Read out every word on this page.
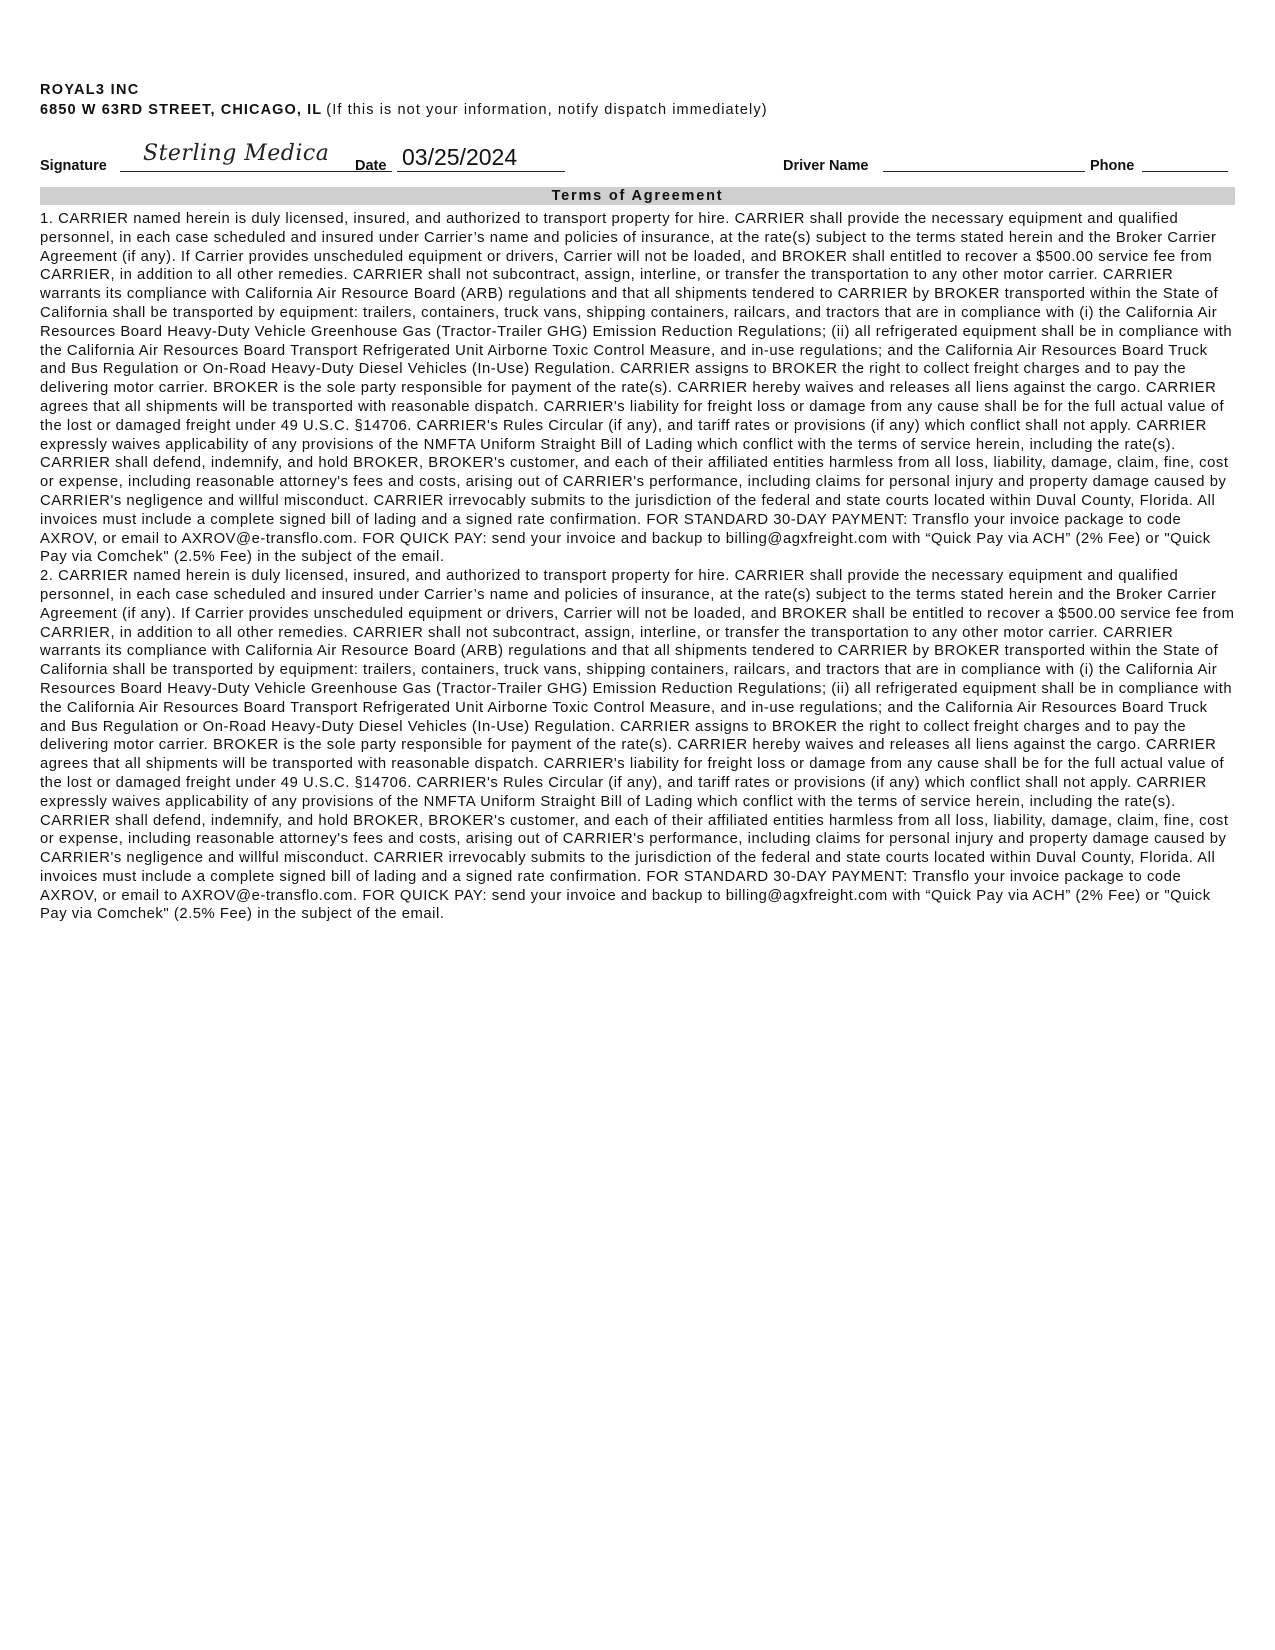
ROYAL3 INC
6850 W 63RD STREET, CHICAGO, IL (If this is not your information, notify dispatch immediately)
Signature Sterling Medica Date 03/25/2024	Driver Name	Phone
Terms of Agreement

1. CARRIER named herein is duly licensed, insured, and authorized to transport property for hire. CARRIER shall provide the necessary equipment and qualified personnel, in each case scheduled and insured under Carrier’s name and policies of insurance, at the rate(s) subject to the terms stated herein and the Broker Carrier Agreement (if any). If Carrier provides unscheduled equipment or drivers, Carrier will not be loaded, and BROKER shall entitled to recover a $500.00 service fee from CARRIER, in addition to all other remedies. CARRIER shall not subcontract, assign, interline, or transfer the transportation to any other motor carrier. CARRIER warrants its compliance with California Air Resource Board (ARB) regulations and that all shipments tendered to CARRIER by BROKER transported within the State of California shall be transported by equipment: trailers, containers, truck vans, shipping containers, railcars, and tractors that are in compliance with (i) the California Air Resources Board Heavy-Duty Vehicle Greenhouse Gas (Tractor-Trailer GHG) Emission Reduction Regulations; (ii) all refrigerated equipment shall be in compliance with the California Air Resources Board Transport Refrigerated Unit Airborne Toxic Control Measure, and in-use regulations; and the California Air Resources Board Truck and Bus Regulation or On-Road Heavy-Duty Diesel Vehicles (In-Use) Regulation. CARRIER assigns to BROKER the right to collect freight charges and to pay the delivering motor carrier. BROKER is the sole party responsible for payment of the rate(s). CARRIER hereby waives and releases all liens against the cargo. CARRIER agrees that all shipments will be transported with reasonable dispatch. CARRIER's liability for freight loss or damage from any cause shall be for the full actual value of the lost or damaged freight under 49 U.S.C. §14706. CARRIER's Rules Circular (if any), and tariff rates or provisions (if any) which conflict shall not apply. CARRIER expressly waives applicability of any provisions of the NMFTA Uniform Straight Bill of Lading which conflict with the terms of service herein, including the rate(s). CARRIER shall defend, indemnify, and hold BROKER, BROKER's customer, and each of their affiliated entities harmless from all loss, liability, damage, claim, fine, cost or expense, including reasonable attorney's fees and costs, arising out of CARRIER's performance, including claims for personal injury and property damage caused by CARRIER's negligence and willful misconduct. CARRIER irrevocably submits to the jurisdiction of the federal and state courts located within Duval County, Florida. All invoices must include a complete signed bill of lading and a signed rate confirmation. FOR STANDARD 30-DAY PAYMENT: Transflo your invoice package to code AXROV, or email to AXROV@e-transflo.com. FOR QUICK PAY: send your invoice and backup to billing@agxfreight.com with “Quick Pay via ACH” (2% Fee) or "Quick Pay via Comchek" (2.5% Fee) in the subject of the email.

2. CARRIER named herein is duly licensed, insured, and authorized to transport property for hire. CARRIER shall provide the necessary equipment and qualified personnel, in each case scheduled and insured under Carrier’s name and policies of insurance, at the rate(s) subject to the terms stated herein and the Broker Carrier Agreement (if any). If Carrier provides unscheduled equipment or drivers, Carrier will not be loaded, and BROKER shall be entitled to recover a $500.00 service fee from CARRIER, in addition to all other remedies. CARRIER shall not subcontract, assign, interline, or transfer the transportation to any other motor carrier. CARRIER warrants its compliance with California Air Resource Board (ARB) regulations and that all shipments tendered to CARRIER by BROKER transported within the State of California shall be transported by equipment: trailers, containers, truck vans, shipping containers, railcars, and tractors that are in compliance with (i) the California Air Resources Board Heavy-Duty Vehicle Greenhouse Gas (Tractor-Trailer GHG) Emission Reduction Regulations; (ii) all refrigerated equipment shall be in compliance with the California Air Resources Board Transport Refrigerated Unit Airborne Toxic Control Measure, and in-use regulations; and the California Air Resources Board Truck and Bus Regulation or On-Road Heavy-Duty Diesel Vehicles (In-Use) Regulation. CARRIER assigns to BROKER the right to collect freight charges and to pay the delivering motor carrier. BROKER is the sole party responsible for payment of the rate(s). CARRIER hereby waives and releases all liens against the cargo. CARRIER agrees that all shipments will be transported with reasonable dispatch. CARRIER's liability for freight loss or damage from any cause shall be for the full actual value of the lost or damaged freight under 49 U.S.C. §14706. CARRIER's Rules Circular (if any), and tariff rates or provisions (if any) which conflict shall not apply. CARRIER expressly waives applicability of any provisions of the NMFTA Uniform Straight Bill of Lading which conflict with the terms of service herein, including the rate(s). CARRIER shall defend, indemnify, and hold BROKER, BROKER's customer, and each of their affiliated entities harmless from all loss, liability, damage, claim, fine, cost or expense, including reasonable attorney's fees and costs, arising out of CARRIER's performance, including claims for personal injury and property damage caused by CARRIER's negligence and willful misconduct. CARRIER irrevocably submits to the jurisdiction of the federal and state courts located within Duval County, Florida. All invoices must include a complete signed bill of lading and a signed rate confirmation. FOR STANDARD 30-DAY PAYMENT: Transflo your invoice package to code AXROV, or email to AXROV@e-transflo.com. FOR QUICK PAY: send your invoice and backup to billing@agxfreight.com with “Quick Pay via ACH” (2% Fee) or "Quick Pay via Comchek" (2.5% Fee) in the subject of the email.
